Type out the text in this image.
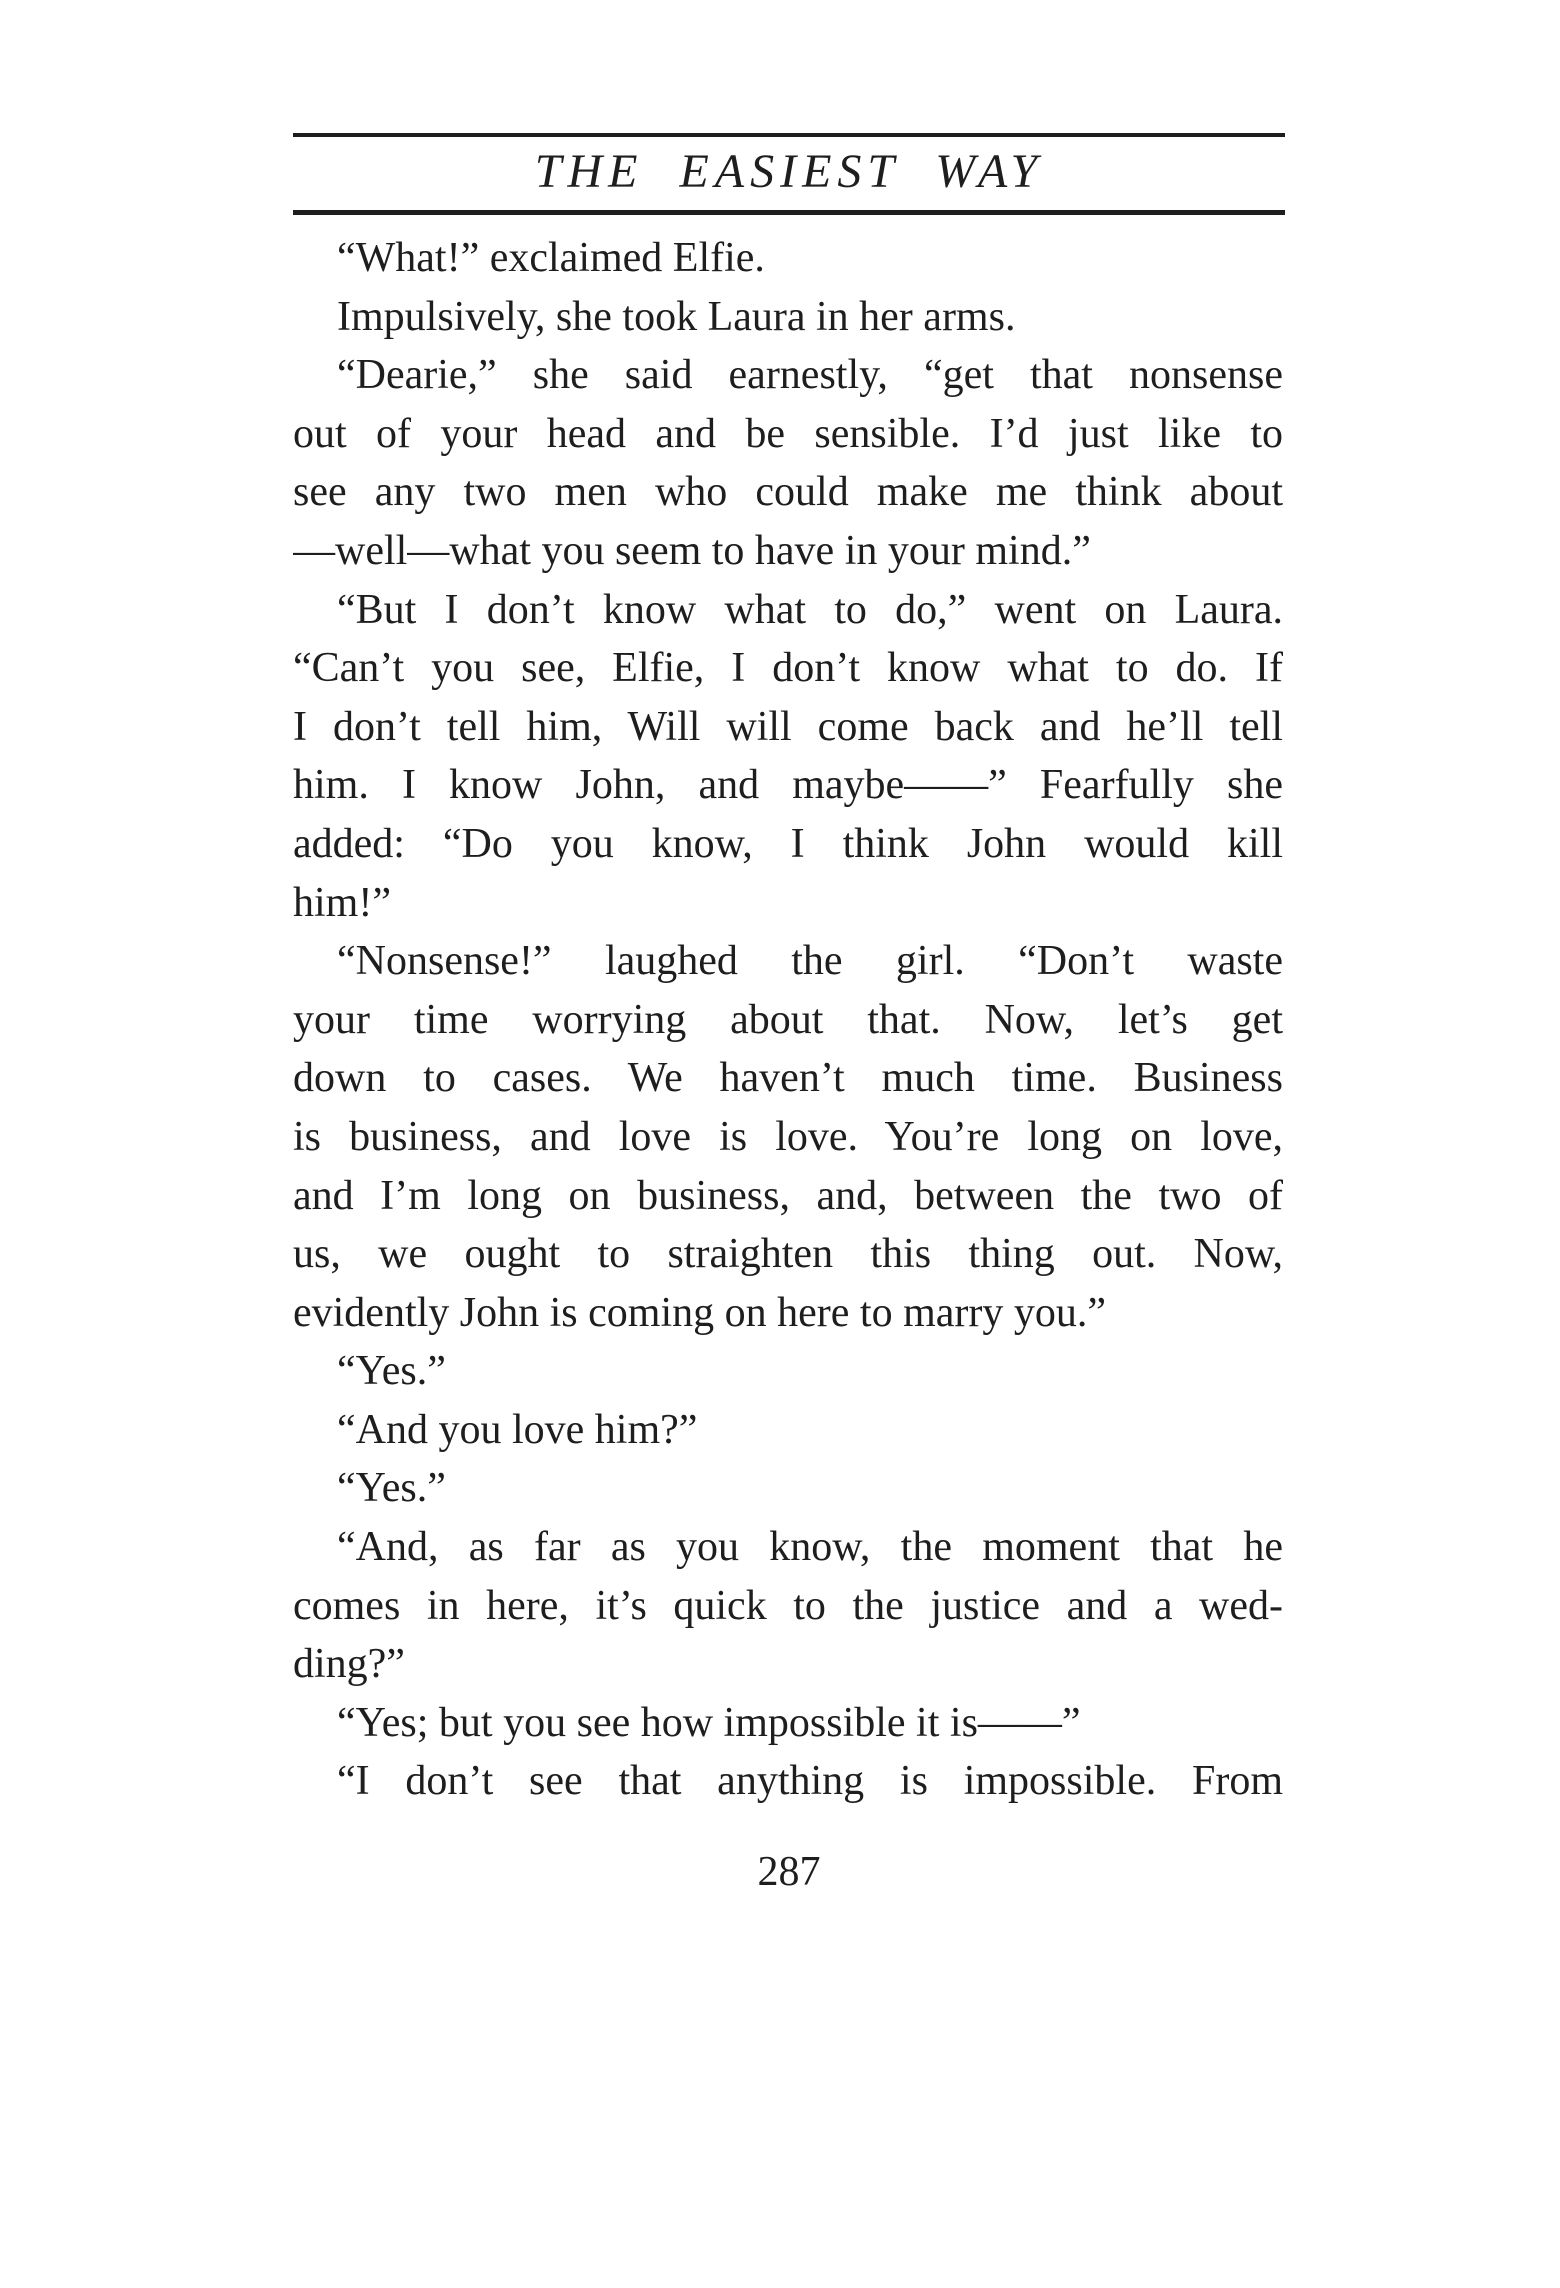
THE EASIEST WAY
“What!” exclaimed Elfie.
Impulsively, she took Laura in her arms.
“Dearie,” she said earnestly, “get that nonsense
out of your head and be sensible. I’d just like to
see any two men who could make me think about
—well—what you seem to have in your mind.”
“But I don’t know what to do,” went on Laura.
“Can’t you see, Elfie, I don’t know what to do. If
I don’t tell him, Will will come back and he’ll tell
him. I know John, and maybe——” Fearfully she
added: “Do you know, I think John would kill
him!”
“Nonsense!” laughed the girl. “Don’t waste
your time worrying about that. Now, let’s get
down to cases. We haven’t much time. Business
is business, and love is love. You’re long on love,
and I’m long on business, and, between the two of
us, we ought to straighten this thing out. Now,
evidently John is coming on here to marry you.”
“Yes.”
“And you love him?”
“Yes.”
“And, as far as you know, the moment that he
comes in here, it’s quick to the justice and a wed-
ding?”
“Yes; but you see how impossible it is——”
“I don’t see that anything is impossible. From
287
